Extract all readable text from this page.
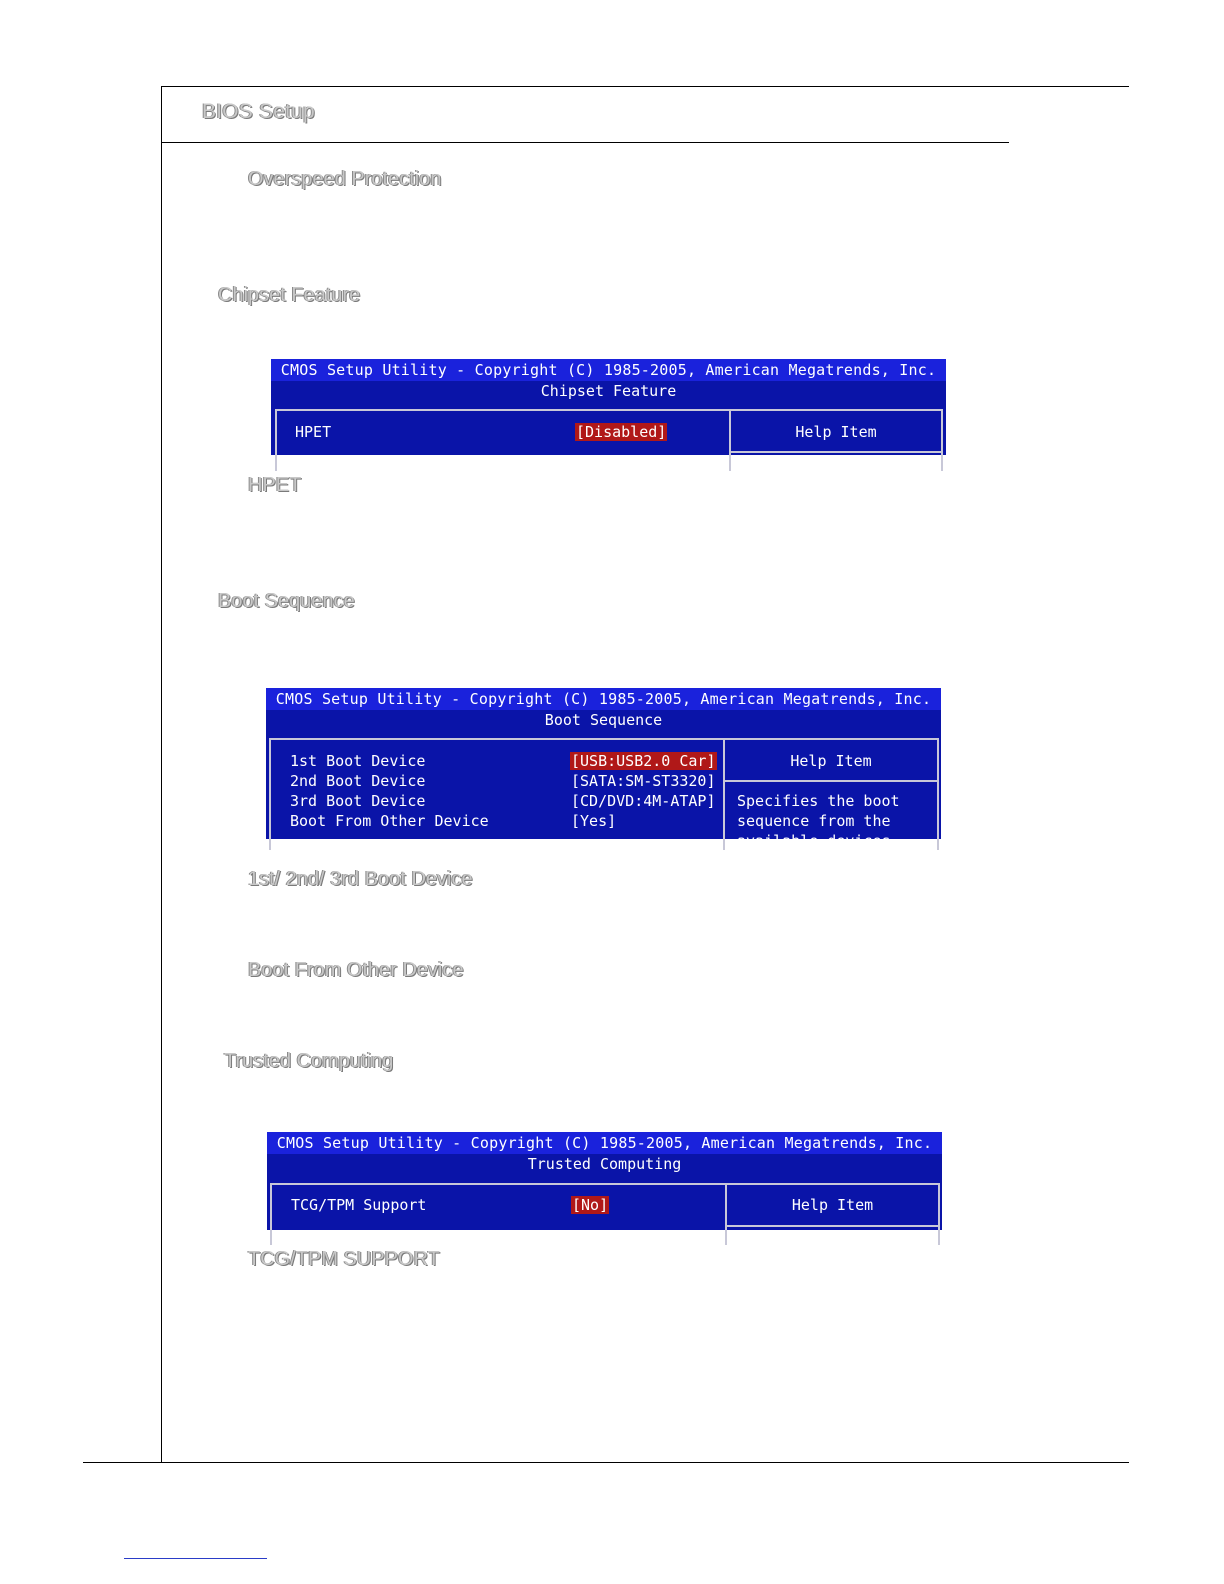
BIOS Setup
Overspeed Protection
Chipset Feature
CMOS Setup Utility - Copyright (C) 1985-2005, American Megatrends, Inc.
Chipset Feature
HPET	[Disabled]	Help Item
HPET
Boot Sequence
CMOS Setup Utility - Copyright (C) 1985-2005, American Megatrends, Inc.
Boot Sequence
1st Boot Device	[USB:USB2.0 Car]
2nd Boot Device	[SATA:SM-ST3320]
3rd Boot Device	[CD/DVD:4M-ATAP]
Boot From Other Device	[Yes]
Help Item
Specifies the boot
sequence from the
available devices.
1st/ 2nd/ 3rd Boot Device
Boot From Other Device
Trusted Computing
CMOS Setup Utility - Copyright (C) 1985-2005, American Megatrends, Inc.
Trusted Computing
TCG/TPM Support	[No]	Help Item
TCG/TPM SUPPORT
